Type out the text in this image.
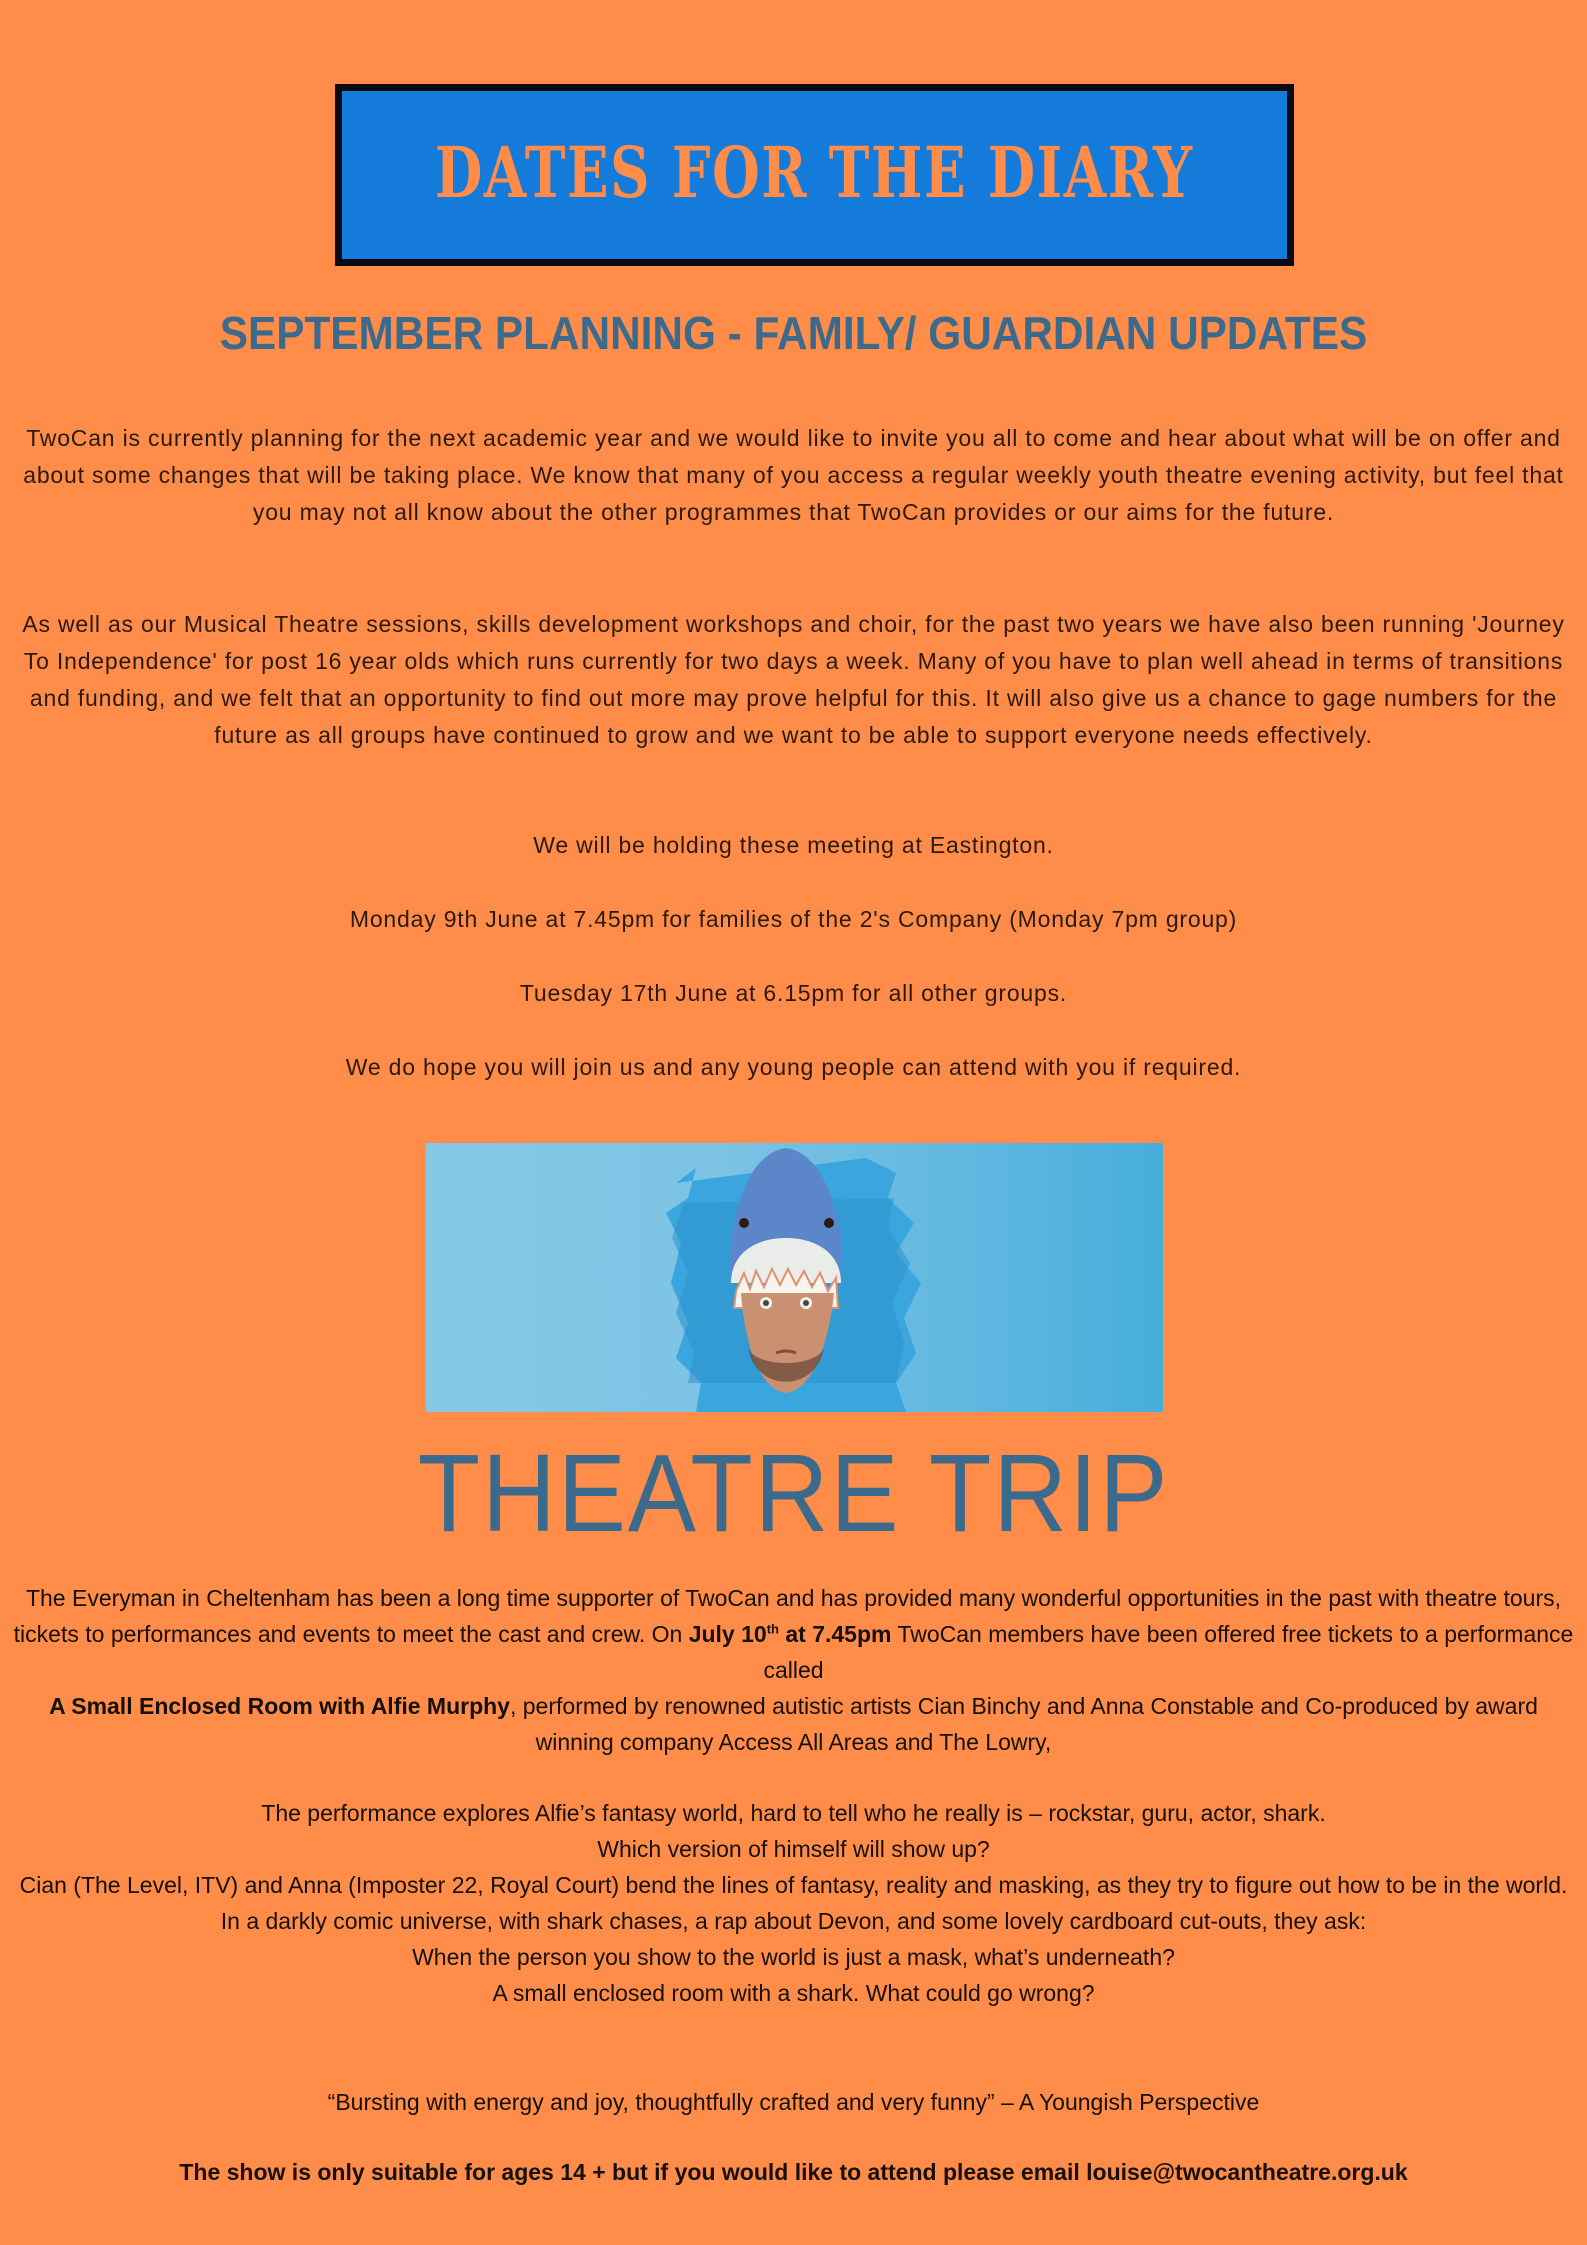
DATES FOR THE DIARY
SEPTEMBER PLANNING - FAMILY/ GUARDIAN UPDATES

TwoCan is currently planning for the next academic year and we would like to invite you all to come and hear about what will be on offer and about some changes that will be taking place. We know that many of you access a regular weekly youth theatre evening activity, but feel that you may not all know about the other programmes that TwoCan provides or our aims for the future.

As well as our Musical Theatre sessions, skills development workshops and choir, for the past two years we have also been running 'Journey To Independence' for post 16 year olds which runs currently for two days a week. Many of you have to plan well ahead in terms of transitions and funding, and we felt that an opportunity to find out more may prove helpful for this. It will also give us a chance to gage numbers for the future as all groups have continued to grow and we want to be able to support everyone needs effectively.

We will be holding these meeting at Eastington.

Monday 9th June at 7.45pm for families of the 2's Company (Monday 7pm group)

Tuesday 17th June at 6.15pm for all other groups.

We do hope you will join us and any young people can attend with you if required.

THEATRE TRIP

The Everyman in Cheltenham has been a long time supporter of TwoCan and has provided many wonderful opportunities in the past with theatre tours, tickets to performances and events to meet the cast and crew. On July 10th at 7.45pm TwoCan members have been offered free tickets to a performance called
A Small Enclosed Room with Alfie Murphy, performed by renowned autistic artists Cian Binchy and Anna Constable and Co-produced by award winning company Access All Areas and The Lowry,

The performance explores Alfie’s fantasy world, hard to tell who he really is – rockstar, guru, actor, shark.
Which version of himself will show up?
Cian (The Level, ITV) and Anna (Imposter 22, Royal Court) bend the lines of fantasy, reality and masking, as they try to figure out how to be in the world. In a darkly comic universe, with shark chases, a rap about Devon, and some lovely cardboard cut-outs, they ask:
When the person you show to the world is just a mask, what’s underneath?
A small enclosed room with a shark. What could go wrong?

“Bursting with energy and joy, thoughtfully crafted and very funny” – A Youngish Perspective

The show is only suitable for ages 14 + but if you would like to attend please email louise@twocantheatre.org.uk
